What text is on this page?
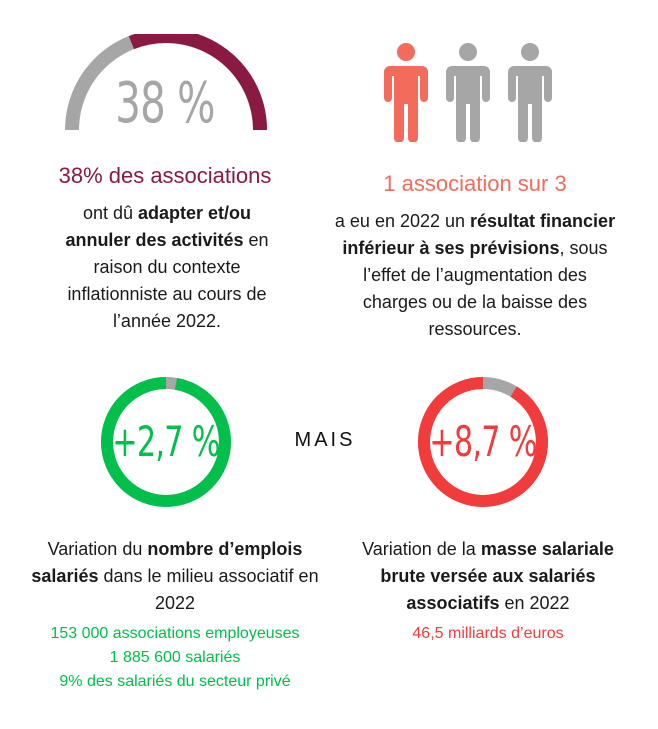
38 %
38% des associations
ont dû adapter et/ou annuler des activités en raison du contexte inflationniste au cours de l’année 2022.
1 association sur 3
a eu en 2022 un résultat financier inférieur à ses prévisions, sous l’effet de l’augmentation des charges ou de la baisse des ressources.
+2,7 %	MAIS	+8,7 %
Variation du nombre d’emplois salariés dans le milieu associatif en 2022
153 000 associations employeuses
1 885 600 salariés
9% des salariés du secteur privé
Variation de la masse salariale brute versée aux salariés associatifs en 2022
46,5 milliards d’euros
